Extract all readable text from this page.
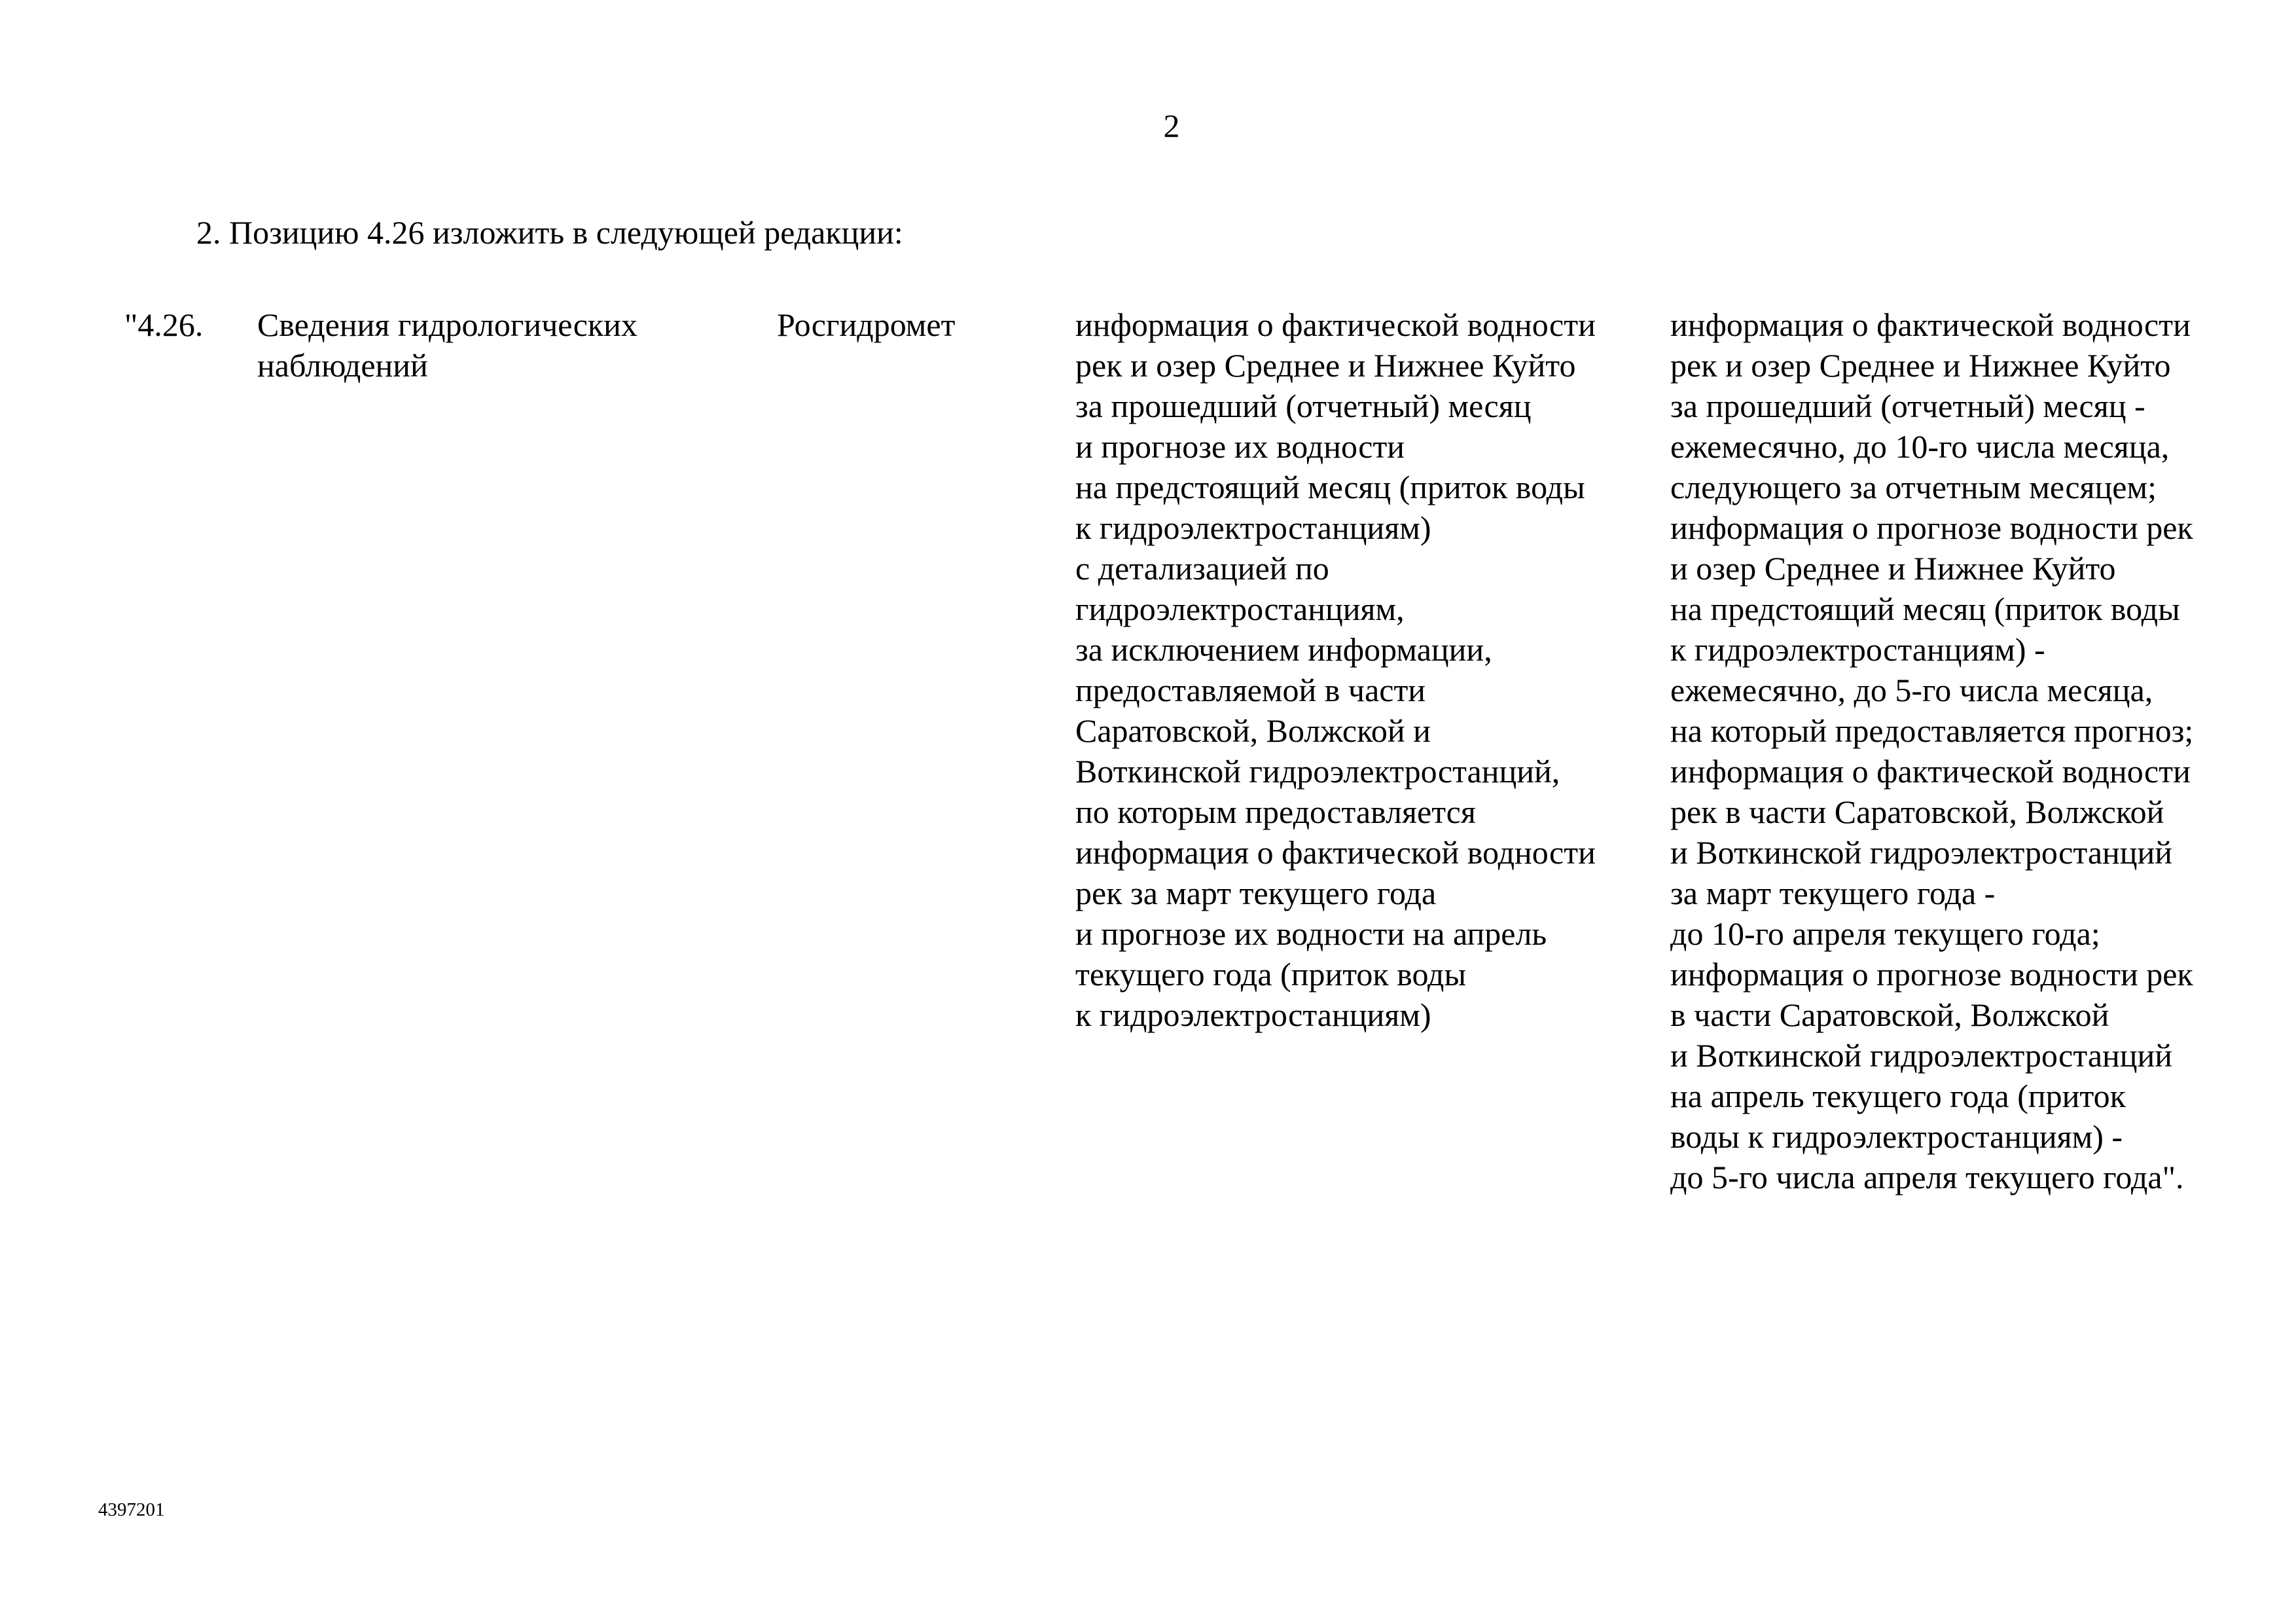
2
2. Позицию 4.26 изложить в следующей редакции:
"4.26.	Сведения гидрологических
наблюдений
Росгидромет	информация о фактической водности
рек и озер Среднее и Нижнее Куйто
за прошедший (отчетный) месяц
и прогнозе их водности
на предстоящий месяц (приток воды
к гидроэлектростанциям)
с детализацией по
гидроэлектростанциям,
за исключением информации,
предоставляемой в части
Саратовской, Волжской и
Воткинской гидроэлектростанций,
по которым предоставляется
информация о фактической водности
рек за март текущего года
и прогнозе их водности на апрель
текущего года (приток воды
к гидроэлектростанциям)
информация о фактической водности
рек и озер Среднее и Нижнее Куйто
за прошедший (отчетный) месяц -
ежемесячно, до 10-го числа месяца,
следующего за отчетным месяцем;
информация о прогнозе водности рек
и озер Среднее и Нижнее Куйто
на предстоящий месяц (приток воды
к гидроэлектростанциям) -
ежемесячно, до 5-го числа месяца,
на который предоставляется прогноз;
информация о фактической водности
рек в части Саратовской, Волжской
и Воткинской гидроэлектростанций
за март текущего года -
до 10-го апреля текущего года;
информация о прогнозе водности рек
в части Саратовской, Волжской
и Воткинской гидроэлектростанций
на апрель текущего года (приток
воды к гидроэлектростанциям) -
до 5-го числа апреля текущего года".
4397201
